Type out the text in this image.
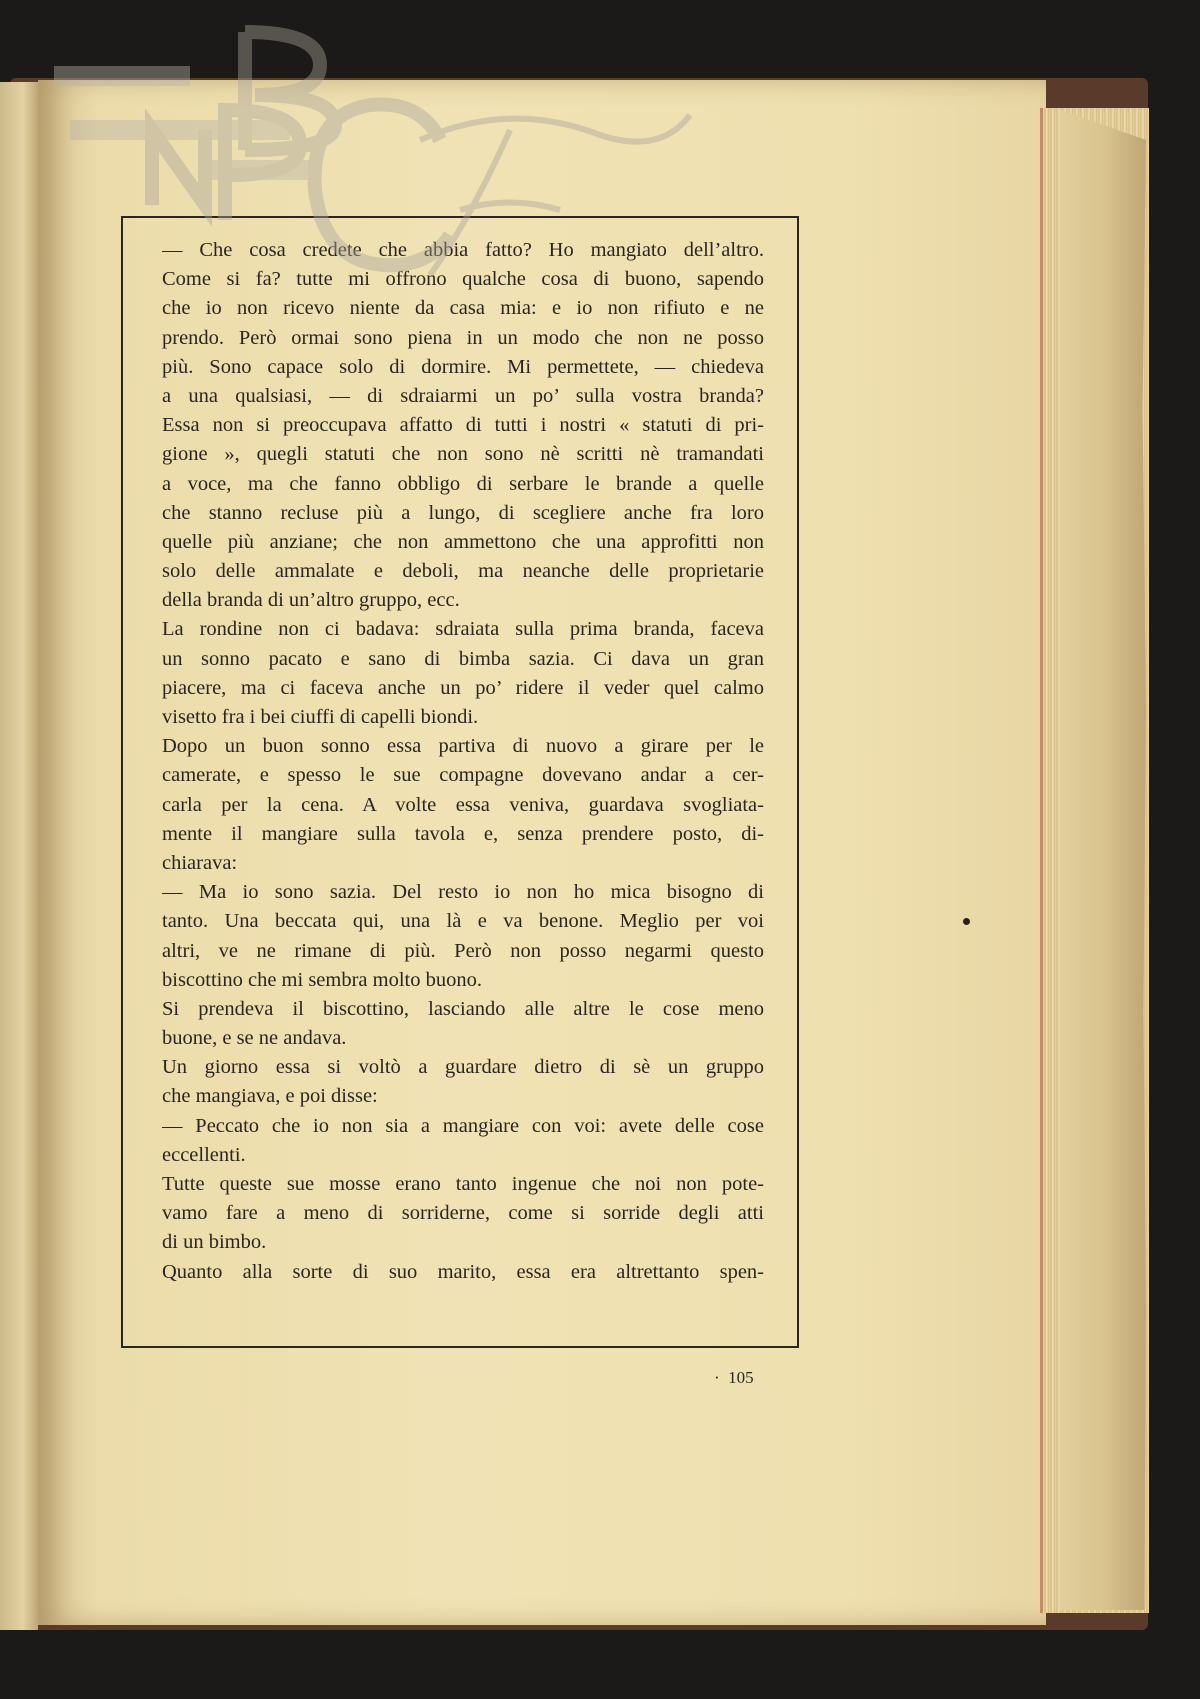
— Che cosa credete che abbia fatto? Ho mangiato dell’altro.
Come si fa? tutte mi offrono qualche cosa di buono, sapendo
che io non ricevo niente da casa mia: e io non rifiuto e ne
prendo. Però ormai sono piena in un modo che non ne posso
più. Sono capace solo di dormire. Mi permettete, — chiedeva
a una qualsiasi, — di sdraiarmi un po’ sulla vostra branda?
Essa non si preoccupava affatto di tutti i nostri « statuti di pri-
gione », quegli statuti che non sono nè scritti nè tramandati
a voce, ma che fanno obbligo di serbare le brande a quelle
che stanno recluse più a lungo, di scegliere anche fra loro
quelle più anziane; che non ammettono che una approfitti non
solo delle ammalate e deboli, ma neanche delle proprietarie
della branda di un’altro gruppo, ecc.
La rondine non ci badava: sdraiata sulla prima branda, faceva
un sonno pacato e sano di bimba sazia. Ci dava un gran
piacere, ma ci faceva anche un po’ ridere il veder quel calmo
visetto fra i bei ciuffi di capelli biondi.
Dopo un buon sonno essa partiva di nuovo a girare per le
camerate, e spesso le sue compagne dovevano andar a cer-
carla per la cena. A volte essa veniva, guardava svogliata-
mente il mangiare sulla tavola e, senza prendere posto, di-
chiarava:
— Ma io sono sazia. Del resto io non ho mica bisogno di
tanto. Una beccata qui, una là e va benone. Meglio per voi
altri, ve ne rimane di più. Però non posso negarmi questo
biscottino che mi sembra molto buono.
Si prendeva il biscottino, lasciando alle altre le cose meno
buone, e se ne andava.
Un giorno essa si voltò a guardare dietro di sè un gruppo
che mangiava, e poi disse:
— Peccato che io non sia a mangiare con voi: avete delle cose
eccellenti.
Tutte queste sue mosse erano tanto ingenue che noi non pote-
vamo fare a meno di sorriderne, come si sorride degli atti
di un bimbo.
Quanto alla sorte di suo marito, essa era altrettanto spen-
·  105
